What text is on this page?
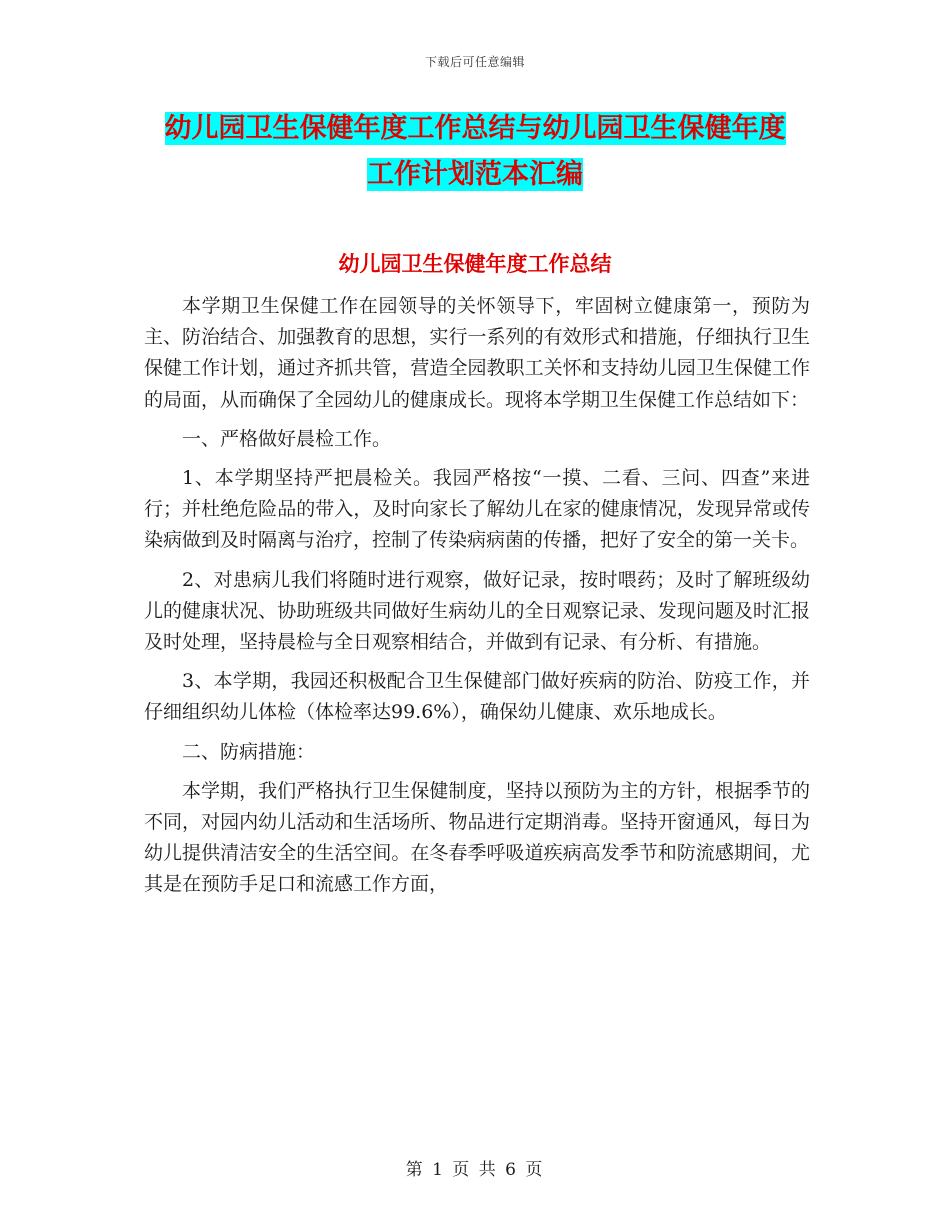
下载后可任意编辑
幼儿园卫生保健年度工作总结与幼儿园卫生保健年度
工作计划范本汇编
幼儿园卫生保健年度工作总结

本学期卫生保健工作在园领导的关怀领导下，牢固树立健康第一，预防为主、防治结合、加强教育的思想，实行一系列的有效形式和措施，仔细执行卫生保健工作计划，通过齐抓共管，营造全园教职工关怀和支持幼儿园卫生保健工作的局面，从而确保了全园幼儿的健康成长。现将本学期卫生保健工作总结如下：

一、严格做好晨检工作。

1、本学期坚持严把晨检关。我园严格按“一摸、二看、三问、四查”来进行；并杜绝危险品的带入，及时向家长了解幼儿在家的健康情况，发现异常或传染病做到及时隔离与治疗，控制了传染病病菌的传播，把好了安全的第一关卡。

2、对患病儿我们将随时进行观察，做好记录，按时喂药；及时了解班级幼儿的健康状况、协助班级共同做好生病幼儿的全日观察记录、发现问题及时汇报及时处理，坚持晨检与全日观察相结合，并做到有记录、有分析、有措施。

3、本学期，我园还积极配合卫生保健部门做好疾病的防治、防疫工作，并仔细组织幼儿体检（体检率达99.6%），确保幼儿健康、欢乐地成长。

二、防病措施：

本学期，我们严格执行卫生保健制度，坚持以预防为主的方针，根据季节的不同，对园内幼儿活动和生活场所、物品进行定期消毒。坚持开窗通风，每日为幼儿提供清洁安全的生活空间。在冬春季呼吸道疾病高发季节和防流感期间，尤其是在预防手足口和流感工作方面，

第 1 页 共 6 页
